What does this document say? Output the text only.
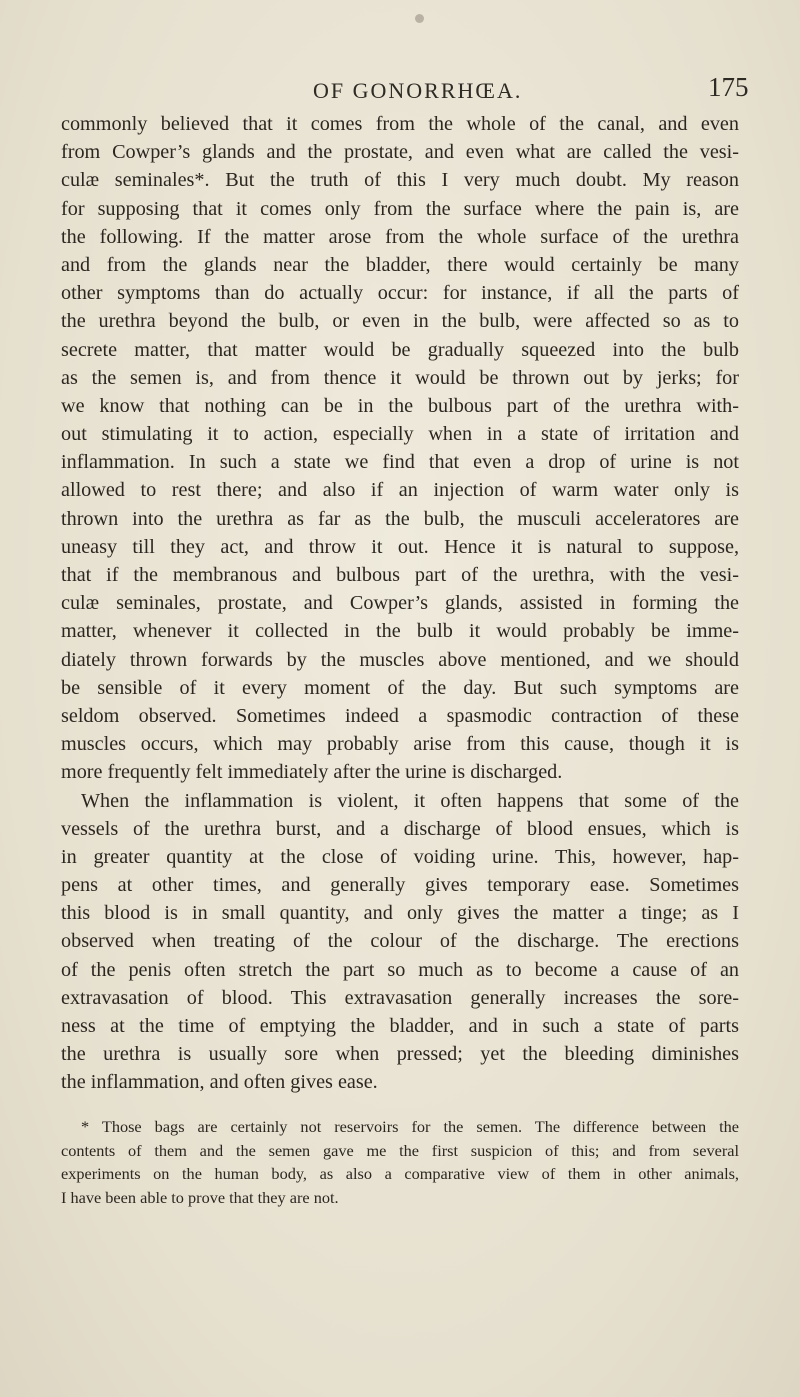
OF GONORRHŒA.	175
commonly believed that it comes from the whole of the canal, and even
from Cowper’s glands and the prostate, and even what are called the vesi-
culæ seminales*. But the truth of this I very much doubt. My reason
for supposing that it comes only from the surface where the pain is, are
the following. If the matter arose from the whole surface of the urethra
and from the glands near the bladder, there would certainly be many
other symptoms than do actually occur: for instance, if all the parts of
the urethra beyond the bulb, or even in the bulb, were affected so as to
secrete matter, that matter would be gradually squeezed into the bulb
as the semen is, and from thence it would be thrown out by jerks; for
we know that nothing can be in the bulbous part of the urethra with-
out stimulating it to action, especially when in a state of irritation and
inflammation. In such a state we find that even a drop of urine is not
allowed to rest there; and also if an injection of warm water only is
thrown into the urethra as far as the bulb, the musculi acceleratores are
uneasy till they act, and throw it out. Hence it is natural to suppose,
that if the membranous and bulbous part of the urethra, with the vesi-
culæ seminales, prostate, and Cowper’s glands, assisted in forming the
matter, whenever it collected in the bulb it would probably be imme-
diately thrown forwards by the muscles above mentioned, and we should
be sensible of it every moment of the day. But such symptoms are
seldom observed. Sometimes indeed a spasmodic contraction of these
muscles occurs, which may probably arise from this cause, though it is
more frequently felt immediately after the urine is discharged.
When the inflammation is violent, it often happens that some of the
vessels of the urethra burst, and a discharge of blood ensues, which is
in greater quantity at the close of voiding urine. This, however, hap-
pens at other times, and generally gives temporary ease. Sometimes
this blood is in small quantity, and only gives the matter a tinge; as I
observed when treating of the colour of the discharge. The erections
of the penis often stretch the part so much as to become a cause of an
extravasation of blood. This extravasation generally increases the sore-
ness at the time of emptying the bladder, and in such a state of parts
the urethra is usually sore when pressed; yet the bleeding diminishes
the inflammation, and often gives ease.
* Those bags are certainly not reservoirs for the semen. The difference between the
contents of them and the semen gave me the first suspicion of this; and from several
experiments on the human body, as also a comparative view of them in other animals,
I have been able to prove that they are not.
